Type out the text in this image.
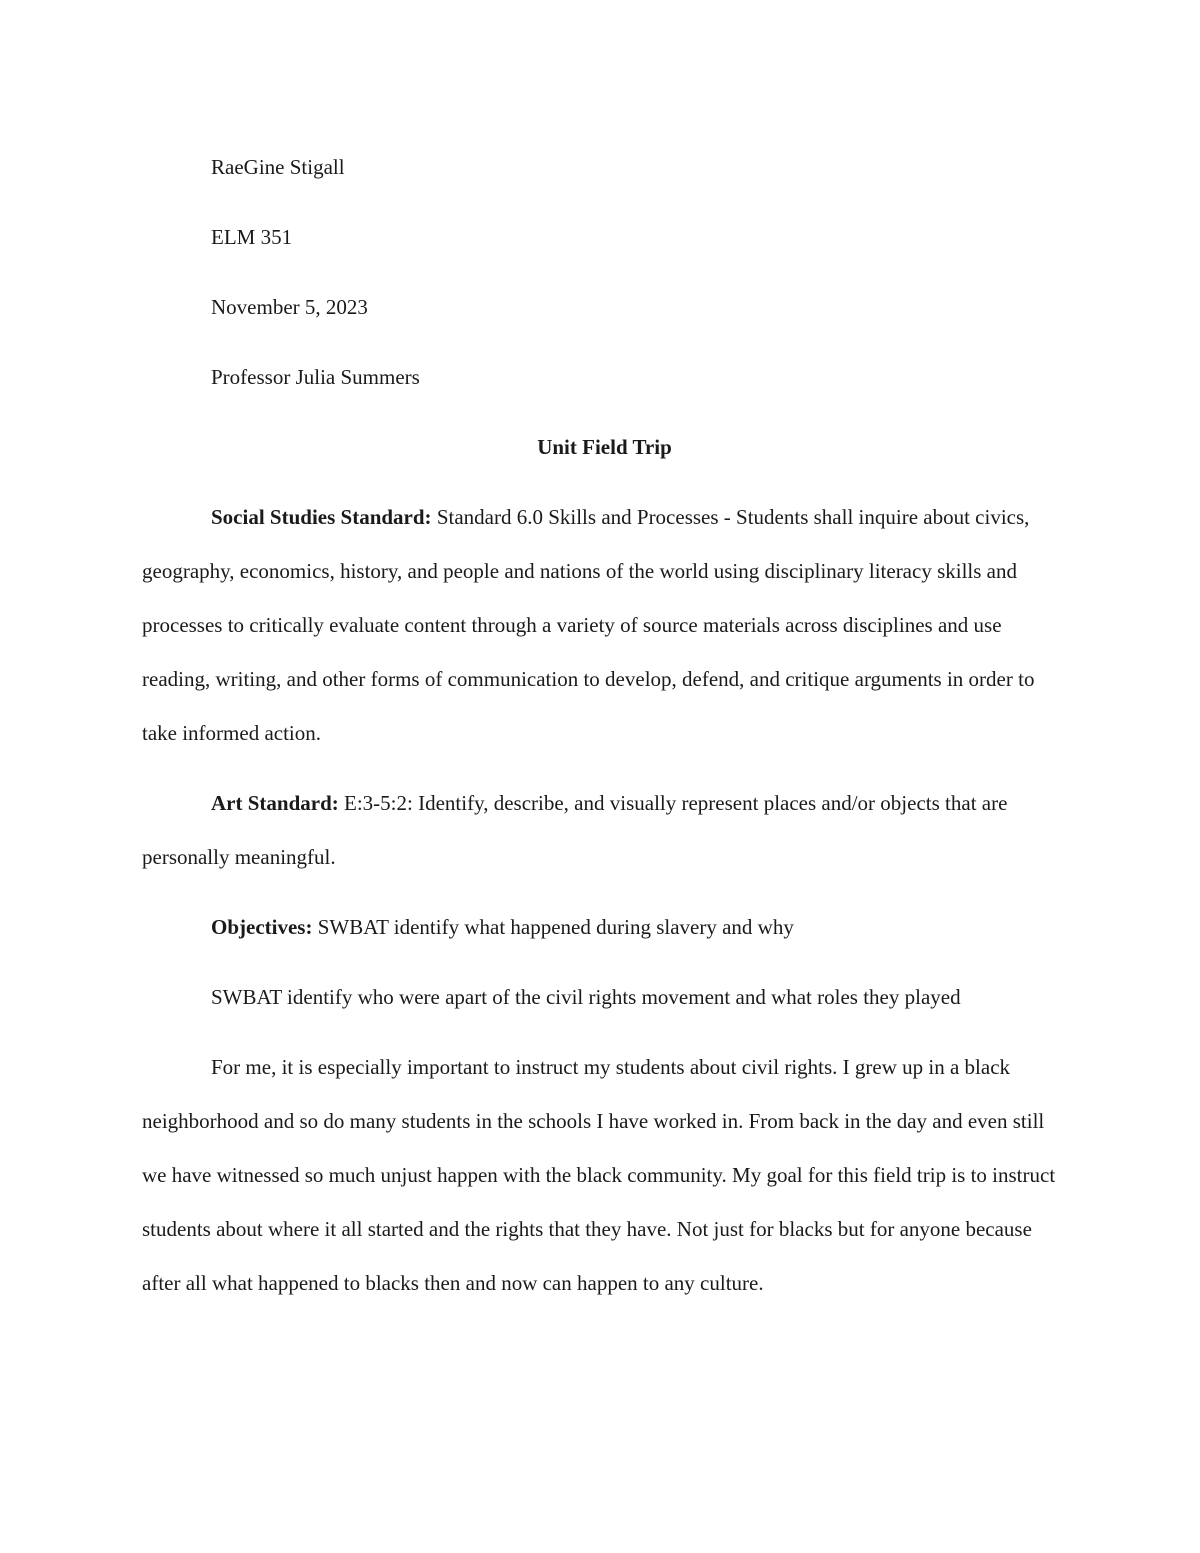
RaeGine Stigall

ELM 351

November 5, 2023

Professor Julia Summers

Unit Field Trip

Social Studies Standard: Standard 6.0 Skills and Processes - Students shall inquire about civics, geography, economics, history, and people and nations of the world using disciplinary literacy skills and processes to critically evaluate content through a variety of source materials across disciplines and use reading, writing, and other forms of communication to develop, defend, and critique arguments in order to take informed action.

Art Standard: E:3-5:2: Identify, describe, and visually represent places and/or objects that are personally meaningful.

Objectives: SWBAT identify what happened during slavery and why

SWBAT identify who were apart of the civil rights movement and what roles they played

For me, it is especially important to instruct my students about civil rights. I grew up in a black neighborhood and so do many students in the schools I have worked in. From back in the day and even still we have witnessed so much unjust happen with the black community. My goal for this field trip is to instruct students about where it all started and the rights that they have. Not just for blacks but for anyone because after all what happened to blacks then and now can happen to any culture.
